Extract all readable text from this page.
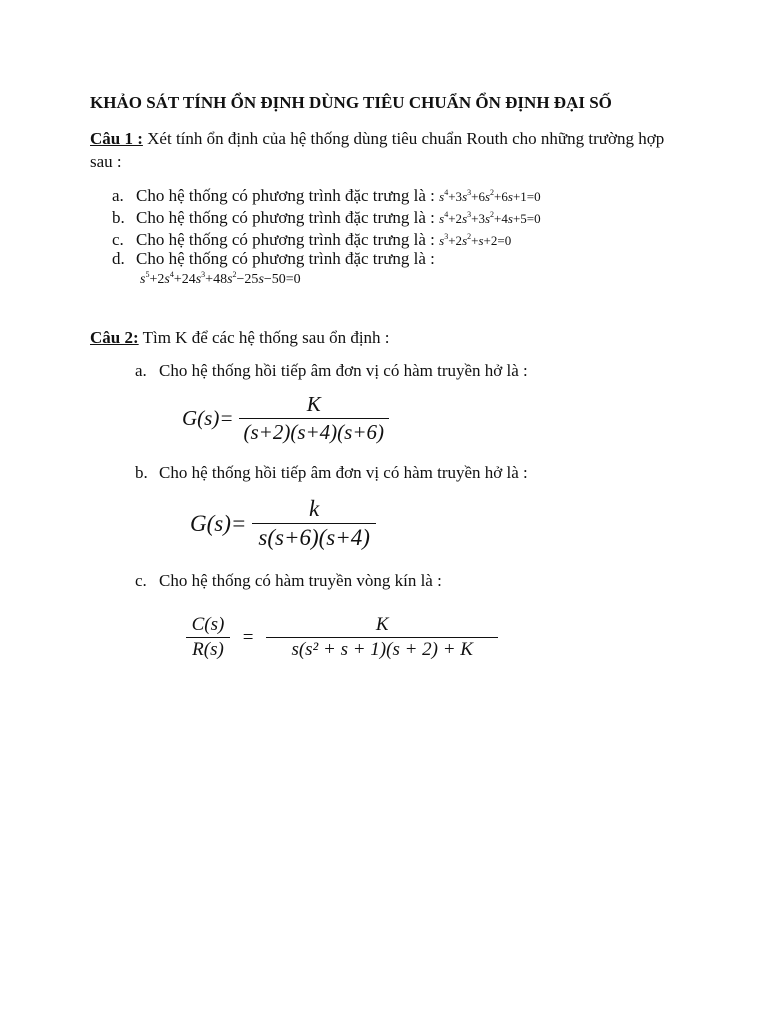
KHẢO SÁT TÍNH ỔN ĐỊNH DÙNG TIÊU CHUẨN ỔN ĐỊNH ĐẠI SỐ
Câu 1 : Xét tính ổn định của hệ thống dùng tiêu chuẩn Routh cho những trường hợp sau :
a. Cho hệ thống có phương trình đặc trưng là : $s^4+3s^3+6s^2+6s+1=0$
b. Cho hệ thống có phương trình đặc trưng là : $s^4+2s^3+3s^2+4s+5=0$
c. Cho hệ thống có phương trình đặc trưng là : $s^3+2s^2+s+2=0$
d. Cho hệ thống có phương trình đặc trưng là :
$s^5+2s^4+24s^3+48s^2-25s-50=0$
Câu 2: Tìm K để các hệ thống sau ổn định :
a. Cho hệ thống hồi tiếp âm đơn vị có hàm truyền hở là :
$G(s)= \frac{K}{(s+2)(s+4)(s+6)}$
b. Cho hệ thống hồi tiếp âm đơn vị có hàm truyền hở là :
$G(s)= \frac{k}{s(s+6)(s+4)}$
c. Cho hệ thống có hàm truyền vòng kín là :
$\frac{C(s)}{R(s)} = \frac{K}{\text{s(s² + s + 1)(s + 2) + K}}$
